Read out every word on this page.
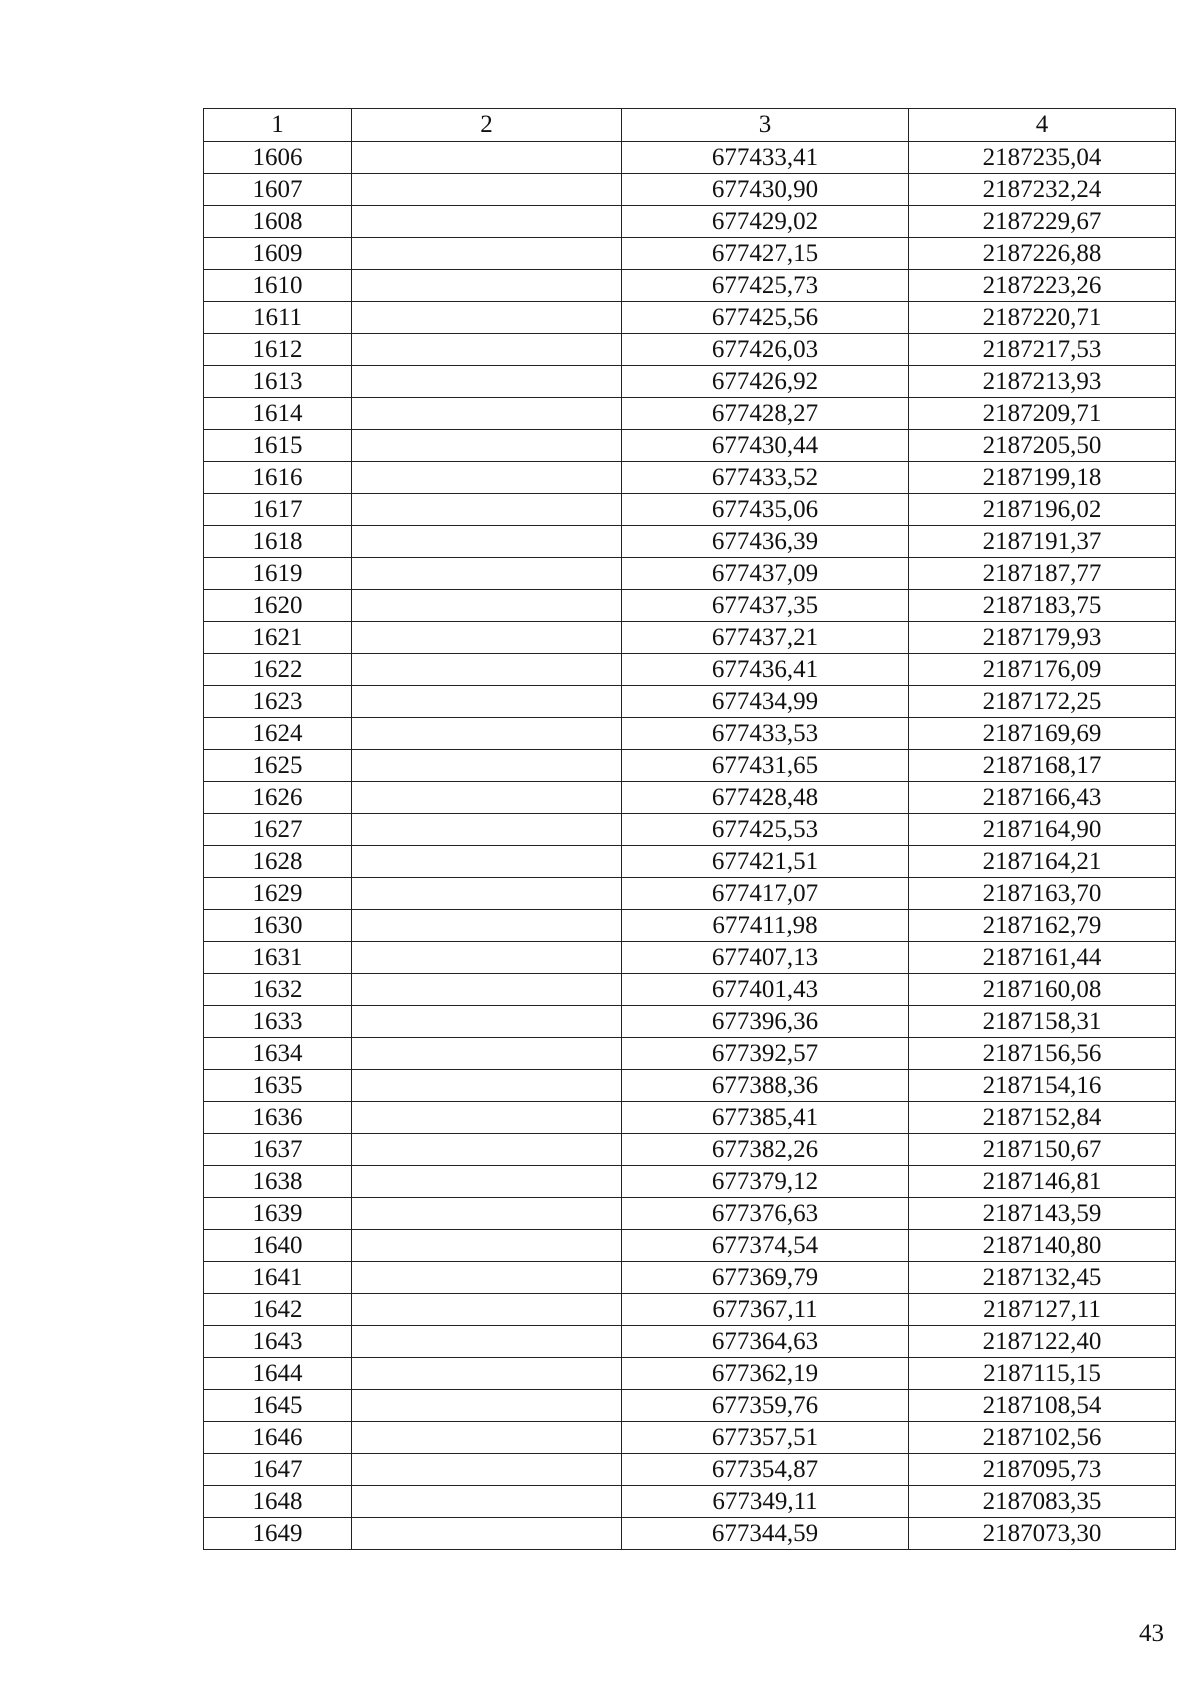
1	2	3	4
1606		677433,41	2187235,04
1607		677430,90	2187232,24
1608		677429,02	2187229,67
1609		677427,15	2187226,88
1610		677425,73	2187223,26
1611		677425,56	2187220,71
1612		677426,03	2187217,53
1613		677426,92	2187213,93
1614		677428,27	2187209,71
1615		677430,44	2187205,50
1616		677433,52	2187199,18
1617		677435,06	2187196,02
1618		677436,39	2187191,37
1619		677437,09	2187187,77
1620		677437,35	2187183,75
1621		677437,21	2187179,93
1622		677436,41	2187176,09
1623		677434,99	2187172,25
1624		677433,53	2187169,69
1625		677431,65	2187168,17
1626		677428,48	2187166,43
1627		677425,53	2187164,90
1628		677421,51	2187164,21
1629		677417,07	2187163,70
1630		677411,98	2187162,79
1631		677407,13	2187161,44
1632		677401,43	2187160,08
1633		677396,36	2187158,31
1634		677392,57	2187156,56
1635		677388,36	2187154,16
1636		677385,41	2187152,84
1637		677382,26	2187150,67
1638		677379,12	2187146,81
1639		677376,63	2187143,59
1640		677374,54	2187140,80
1641		677369,79	2187132,45
1642		677367,11	2187127,11
1643		677364,63	2187122,40
1644		677362,19	2187115,15
1645		677359,76	2187108,54
1646		677357,51	2187102,56
1647		677354,87	2187095,73
1648		677349,11	2187083,35
1649		677344,59	2187073,30
43
